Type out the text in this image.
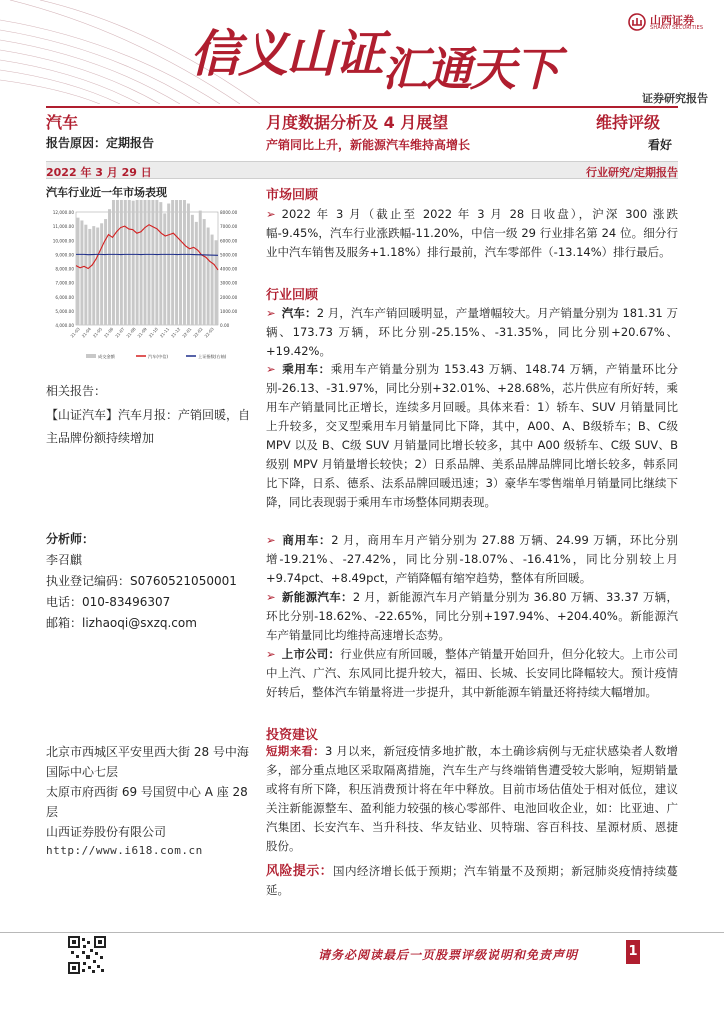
信义山证汇通天下
山西证券
SHANXI SECURITIES
证券研究报告
汽车	月度数据分析及 4 月展望	维持评级
报告原因：定期报告	产销同比上升，新能源汽车维持高增长	看好
2022 年 3 月 29 日	行业研究/定期报告
汽车行业近一年市场表现
12,000.00
11,000.00
10,000.00
9,000.00
8,000.00
7,000.00
6,000.00
5,000.00
4,000.00
8000.00
7000.00
6000.00
5000.00
4000.00
3000.00
2000.00
1000.00
0.00
21-03 21-04 21-05 21-06 21-07 21-08 21-09 21-10 21-11 21-12 22-01 22-02 22-03
成交金额	汽车(中信)	上证指数(右轴)
相关报告：
【山证汽车】汽车月报：产销回暖，自主品牌份额持续增加
分析师：
李召麒
执业登记编码：S0760521050001
电话：010-83496307
邮箱：lizhaoqi@sxzq.com
北京市西城区平安里西大街 28 号中海国际中心七层
太原市府西街 69 号国贸中心 A 座 28 层
山西证券股份有限公司
http://www.i618.com.cn
市场回顾
➢ 2022 年 3 月（截止至 2022 年 3 月 28 日收盘），沪深 300 涨跌幅-9.45%，汽车行业涨跌幅-11.20%，中信一级 29 行业排名第 24 位。细分行业中汽车销售及服务+1.18%）排行最前，汽车零部件（-13.14%）排行最后。
行业回顾
➢ 汽车：2 月，汽车产销回暖明显，产量增幅较大。月产销量分别为 181.31 万辆、173.73 万辆，环比分别-25.15%、-31.35%，同比分别+20.67%、+19.42%。
➢ 乘用车：乘用车产销量分别为 153.43 万辆、148.74 万辆，产销量环比分别-26.13、-31.97%，同比分别+32.01%、+28.68%，芯片供应有所好转，乘用车产销量同比正增长，连续多月回暖。具体来看：1）轿车、SUV 月销量同比上升较多，交叉型乘用车月销量同比下降，其中，A00、A、B级轿车；B、C级 MPV 以及 B、C级 SUV 月销量同比增长较多，其中 A00 级轿车、C级 SUV、B级别 MPV 月销量增长较快；2）日系品牌、美系品牌品牌同比增长较多，韩系同比下降，日系、德系、法系品牌回暖迅速；3）豪华车零售端单月销量同比继续下降，同比表现弱于乘用车市场整体同期表现。
➢ 商用车：2 月，商用车月产销分别为 27.88 万辆、24.99 万辆，环比分别增-19.21%、-27.42%，同比分别-18.07%、-16.41%，同比分别较上月+9.74pct、+8.49pct，产销降幅有缩窄趋势，整体有所回暖。
➢ 新能源汽车：2 月，新能源汽车月产销量分别为 36.80 万辆、33.37 万辆，环比分别-18.62%、-22.65%，同比分别+197.94%、+204.40%。新能源汽车产销量同比均维持高速增长态势。
➢ 上市公司：行业供应有所回暖，整体产销量开始回升，但分化较大。上市公司中上汽、广汽、东风同比提升较大，福田、长城、长安同比降幅较大。预计疫情好转后，整体汽车销量将进一步提升，其中新能源车销量还将持续大幅增加。
投资建议
短期来看：3 月以来，新冠疫情多地扩散，本土确诊病例与无症状感染者人数增多，部分重点地区采取隔离措施，汽车生产与终端销售遭受较大影响，短期销量或将有所下降，积压消费预计将在年中释放。目前市场估值处于相对低位，建议关注新能源整车、盈利能力较强的核心零部件、电池回收企业，如：比亚迪、广汽集团、长安汽车、当升科技、华友钴业、贝特瑞、容百科技、星源材质、恩捷股份。
风险提示：国内经济增长低于预期；汽车销量不及预期；新冠肺炎疫情持续蔓延。
请务必阅读最后一页股票评级说明和免责声明	1
